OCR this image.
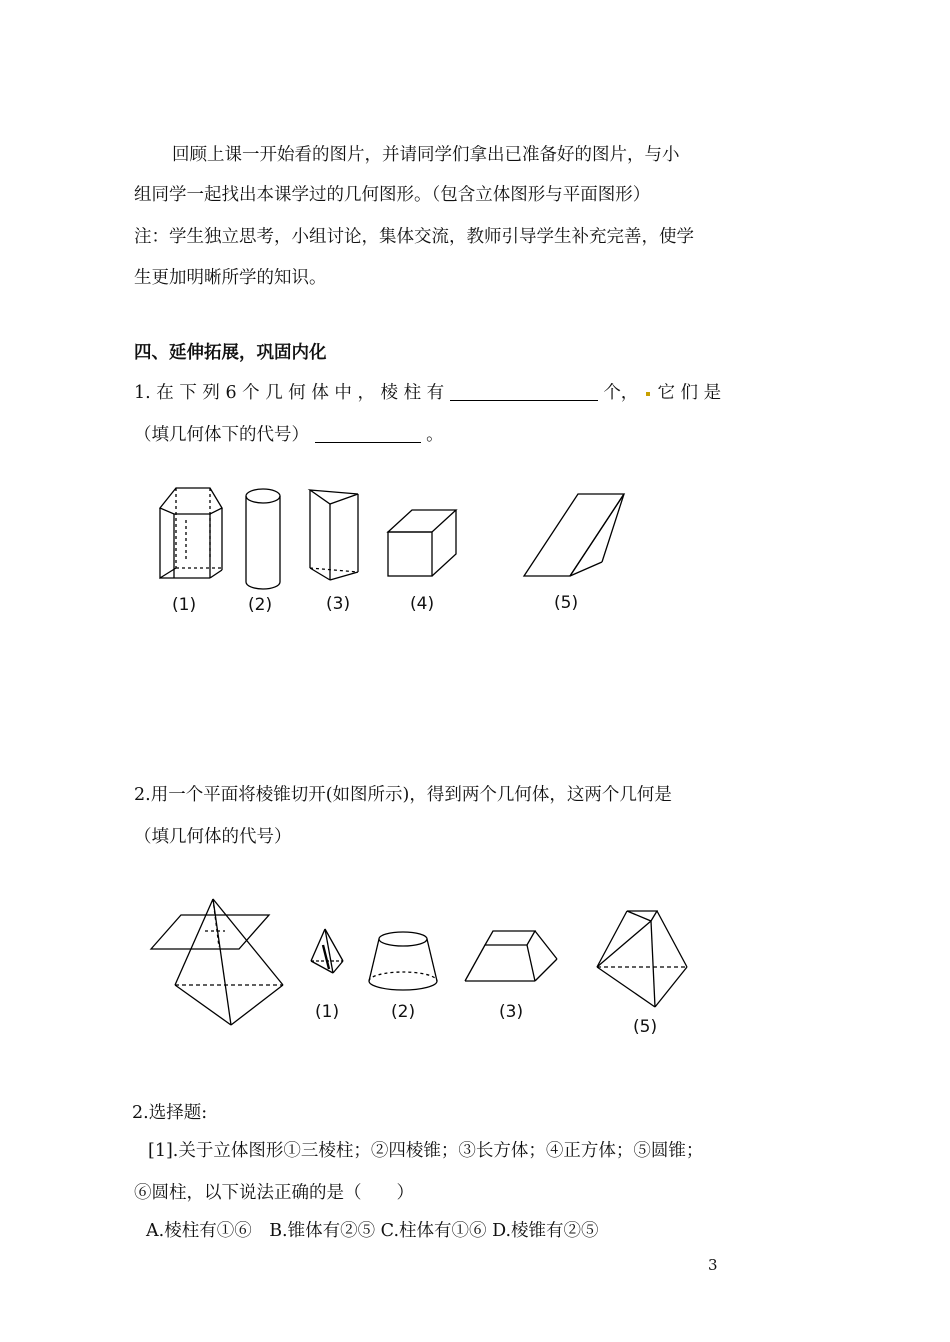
回顾上课一开始看的图片，并请同学们拿出已准备好的图片，与小
组同学一起找出本课学过的几何图形。（包含立体图形与平面图形）
注：学生独立思考，小组讨论，集体交流，教师引导学生补充完善，使学
生更加明晰所学的知识。
四、延伸拓展，巩固内化
1. 在 下 列 6 个 几 何 体 中 ， 棱 柱 有	个， 它 们 是
（填几何体下的代号）	。
(1)	(2)	(3)	(4)	(5)
2.用一个平面将棱锥切开(如图所示)，得到两个几何体，这两个几何是
（填几何体的代号）
(1)	(2)	(3)
(5)
2.选择题:
[1].关于立体图形①三棱柱；②四棱锥；③长方体；④正方体；⑤圆锥；
⑥圆柱，以下说法正确的是（　　）
A.棱柱有①⑥　B.锥体有②⑤ C.柱体有①⑥ D.棱锥有②⑤
3
